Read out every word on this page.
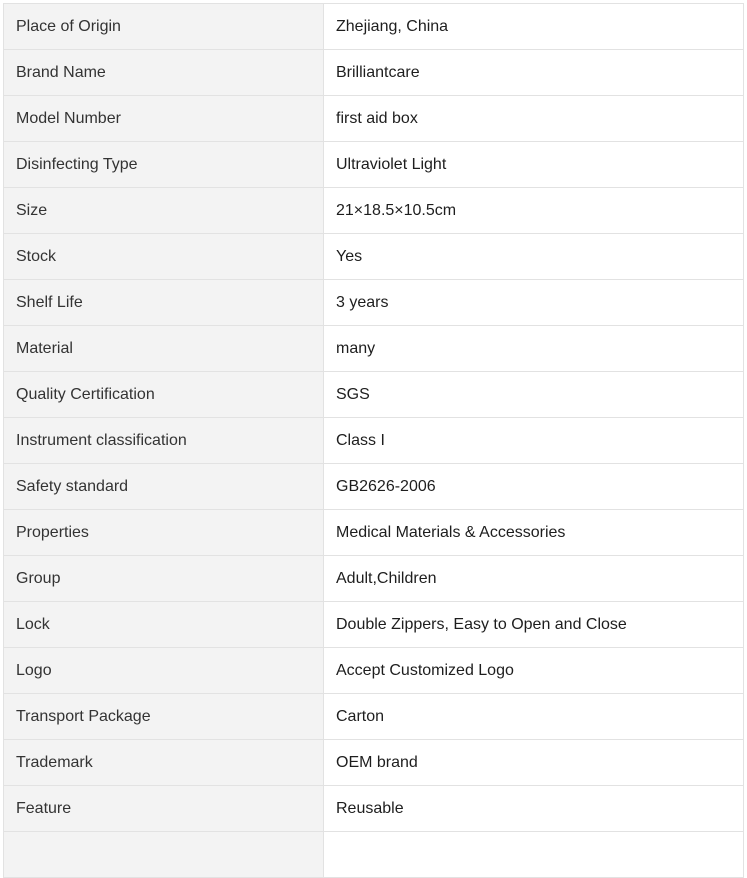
Place of Origin	Zhejiang, China
Brand Name	Brilliantcare
Model Number	first aid box
Disinfecting Type	Ultraviolet Light
Size	21×18.5×10.5cm
Stock	Yes
Shelf Life	3 years
Material	many
Quality Certification	SGS
Instrument classification	Class I
Safety standard	GB2626-2006
Properties	Medical Materials & Accessories
Group	Adult,Children
Lock	Double Zippers, Easy to Open and Close
Logo	Accept Customized Logo
Transport Package	Carton
Trademark	OEM brand
Feature	Reusable
